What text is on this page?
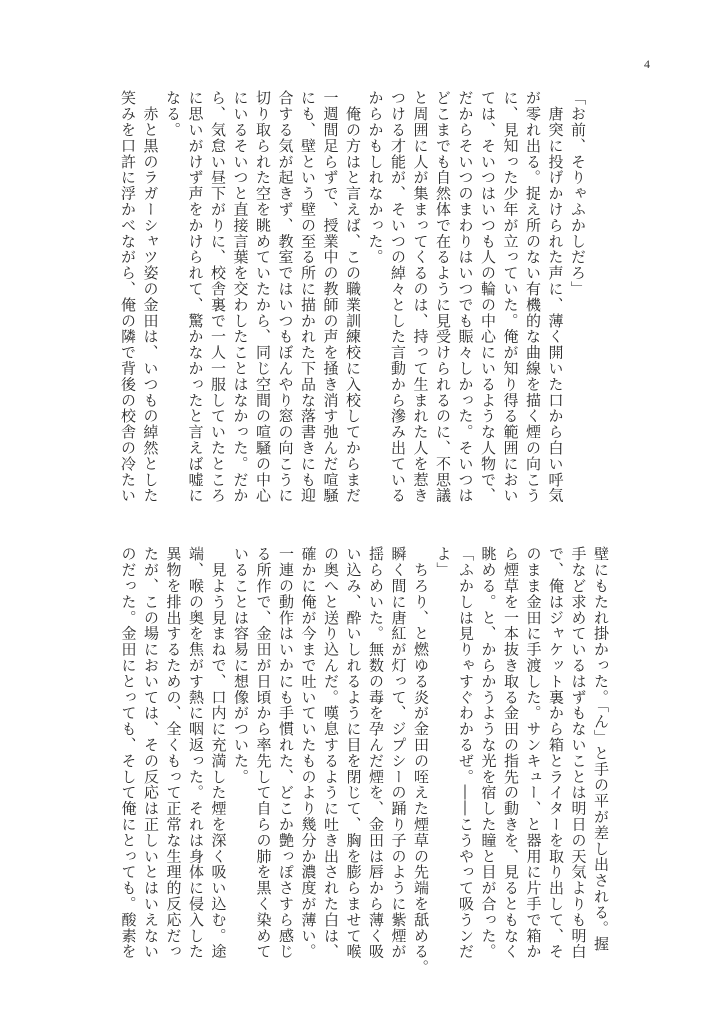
4
「お前、そりゃふかしだろ」
　唐突に投げかけられた声に、薄く開いた口から白い呼気
が零れ出る。捉え所のない有機的な曲線を描く煙の向こう
に、見知った少年が立っていた。俺が知り得る範囲におい
ては、そいつはいつも人の輪の中心にいるような人物で、
だからそいつのまわりはいつでも賑々しかった。そいつは
どこまでも自然体で在るように見受けられるのに、不思議
と周囲に人が集まってくるのは、持って生まれた人を惹き
つける才能が、そいつの綽々とした言動から滲み出ている
からかもしれなかった。
　俺の方はと言えば、この職業訓練校に入校してからまだ
一週間足らずで、授業中の教師の声を掻き消す弛んだ喧騒
にも、壁という壁の至る所に描かれた下品な落書きにも迎
合する気が起きず、教室ではいつもぼんやり窓の向こうに
切り取られた空を眺めていたから、同じ空間の喧騒の中心
にいるそいつと直接言葉を交わしたことはなかった。だか
ら、気怠い昼下がりに、校舎裏で一人一服していたところ
に思いがけず声をかけられて、驚かなかったと言えば嘘に
なる。
　赤と黒のラガーシャツ姿の金田は、いつもの綽然とした
笑みを口許に浮かべながら、俺の隣で背後の校舎の冷たい
壁にもたれ掛かった。「ん」と手の平が差し出される。握
手など求めているはずもないことは明日の天気よりも明白
で、俺はジャケット裏から箱とライターを取り出して、そ
のまま金田に手渡した。サンキュー、と器用に片手で箱か
ら煙草を一本抜き取る金田の指先の動きを、見るともなく
眺める。と、からかうような光を宿した瞳と目が合った。
「ふかしは見りゃすぐわかるぜ。――こうやって吸うンだ
よ」
　ちろり、と燃ゆる炎が金田の咥えた煙草の先端を舐める。
瞬く間に唐紅が灯って、ジプシーの踊り子のように紫煙が
揺らめいた。無数の毒を孕んだ煙を、金田は唇から薄く吸
い込み、酔いしれるように目を閉じて、胸を膨らませて喉
の奥へと送り込んだ。嘆息するように吐き出された白は、
確かに俺が今まで吐いていたものより幾分か濃度が薄い。
一連の動作はいかにも手慣れた、どこか艶っぽさすら感じ
る所作で、金田が日頃から率先して自らの肺を黒く染めて
いることは容易に想像がついた。
　見よう見まねで、口内に充満した煙を深く吸い込む。途
端、喉の奥を焦がす熱に咽返った。それは身体に侵入した
異物を排出するための、全くもって正常な生理的反応だっ
たが、この場においては、その反応は正しいとはいえない
のだった。金田にとっても、そして俺にとっても。酸素を
